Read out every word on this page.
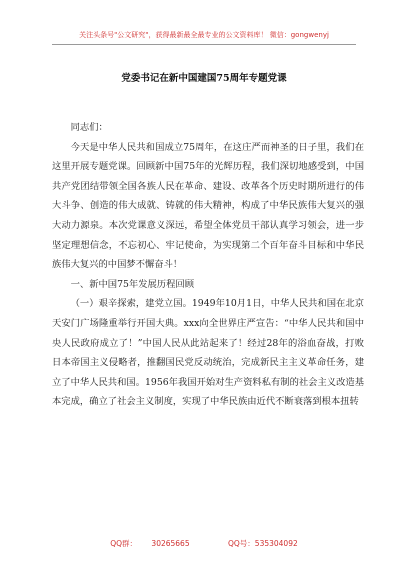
关注头条号"公文研究"，获得最新最全最专业的公文资料库！ 微信：gongwenyj
党委书记在新中国建国75周年专题党课

同志们：

今天是中华人民共和国成立75周年，在这庄严而神圣的日子里，我们在这里开展专题党课。回顾新中国75年的光辉历程，我们深切地感受到，中国共产党团结带领全国各族人民在革命、建设、改革各个历史时期所进行的伟大斗争、创造的伟大成就、铸就的伟大精神，构成了中华民族伟大复兴的强大动力源泉。本次党课意义深远，希望全体党员干部认真学习领会，进一步坚定理想信念，不忘初心、牢记使命，为实现第二个百年奋斗目标和中华民族伟大复兴的中国梦不懈奋斗！

一、新中国75年发展历程回顾

（一）艰辛探索，建党立国。1949年10月1日，中华人民共和国在北京天安门广场隆重举行开国大典。xxx向全世界庄严宣告：“中华人民共和国中央人民政府成立了！”中国人民从此站起来了！经过28年的浴血奋战，打败日本帝国主义侵略者，推翻国民党反动统治，完成新民主主义革命任务，建立了中华人民共和国。1956年我国开始对生产资料私有制的社会主义改造基本完成，确立了社会主义制度，实现了中华民族由近代不断衰落到根本扭转

QQ群： 30265665	QQ号：535304092
